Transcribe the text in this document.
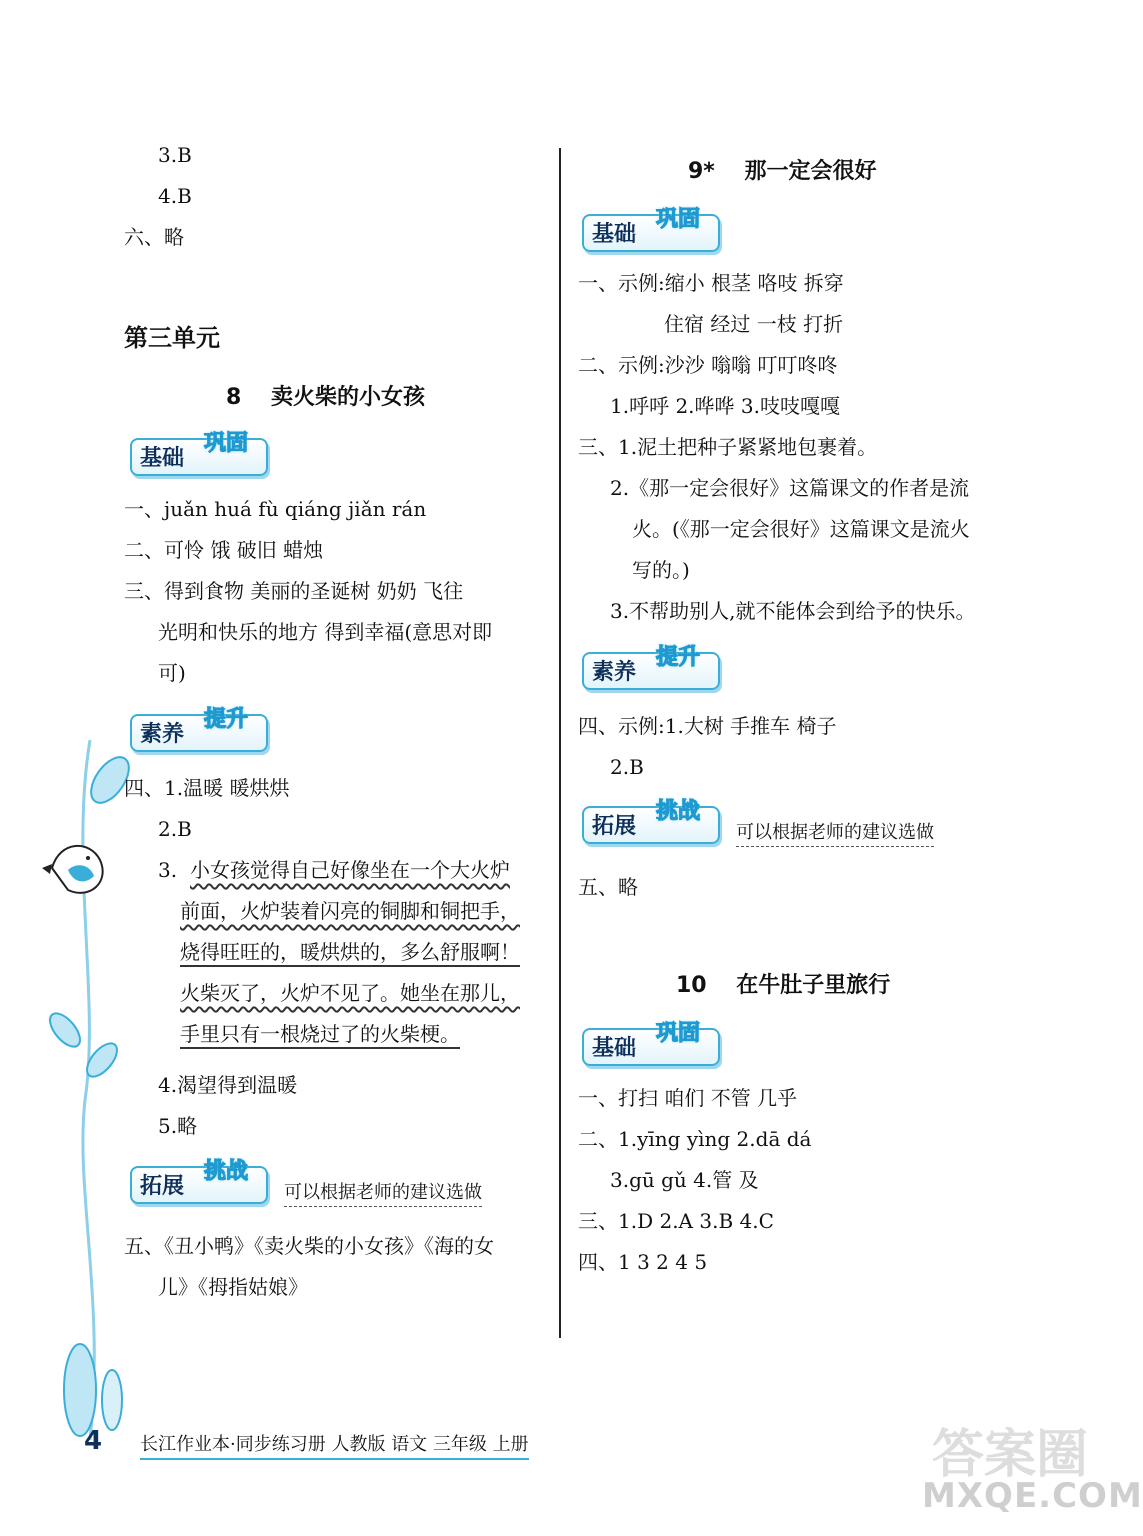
3.B
4.B
六、略
第三单元
8 卖火柴的小女孩
基础
巩固
一、juǎn huá fù qiáng jiǎn rán
二、可怜 饿 破旧 蜡烛
三、得到食物 美丽的圣诞树 奶奶 飞往
光明和快乐的地方 得到幸福(意思对即
可)
素养
提升
四、1.温暖 暖烘烘
2.B
3. 小女孩觉得自己好像坐在一个大火炉
前面，火炉装着闪亮的铜脚和铜把手，
烧得旺旺的，暖烘烘的，多么舒服啊！
火柴灭了，火炉不见了。她坐在那儿，
手里只有一根烧过了的火柴梗。
4.渴望得到温暖
5.略
拓展
挑战
可以根据老师的建议选做
五、《丑小鸭》《卖火柴的小女孩》《海的女
儿》《拇指姑娘》
9* 那一定会很好
基础
巩固
一、示例:缩小 根茎 咯吱 拆穿
住宿 经过 一枝 打折
二、示例:沙沙 嗡嗡 叮叮咚咚
1.呼呼 2.哗哗 3.吱吱嘎嘎
三、1.泥土把种子紧紧地包裹着。
2.《那一定会很好》这篇课文的作者是流
火。(《那一定会很好》这篇课文是流火
写的。)
3.不帮助别人,就不能体会到给予的快乐。
素养
提升
四、示例:1.大树 手推车 椅子
2.B
拓展
挑战
可以根据老师的建议选做
五、略
10 在牛肚子里旅行
基础
巩固
一、打扫 咱们 不管 几乎
二、1.yīng yìng 2.dā dá
3.gū gǔ 4.管 及
三、1.D 2.A 3.B 4.C
四、1 3 2 4 5
4 长江作业本·同步练习册 人教版 语文 三年级 上册	答案圈
MXQE.COM
